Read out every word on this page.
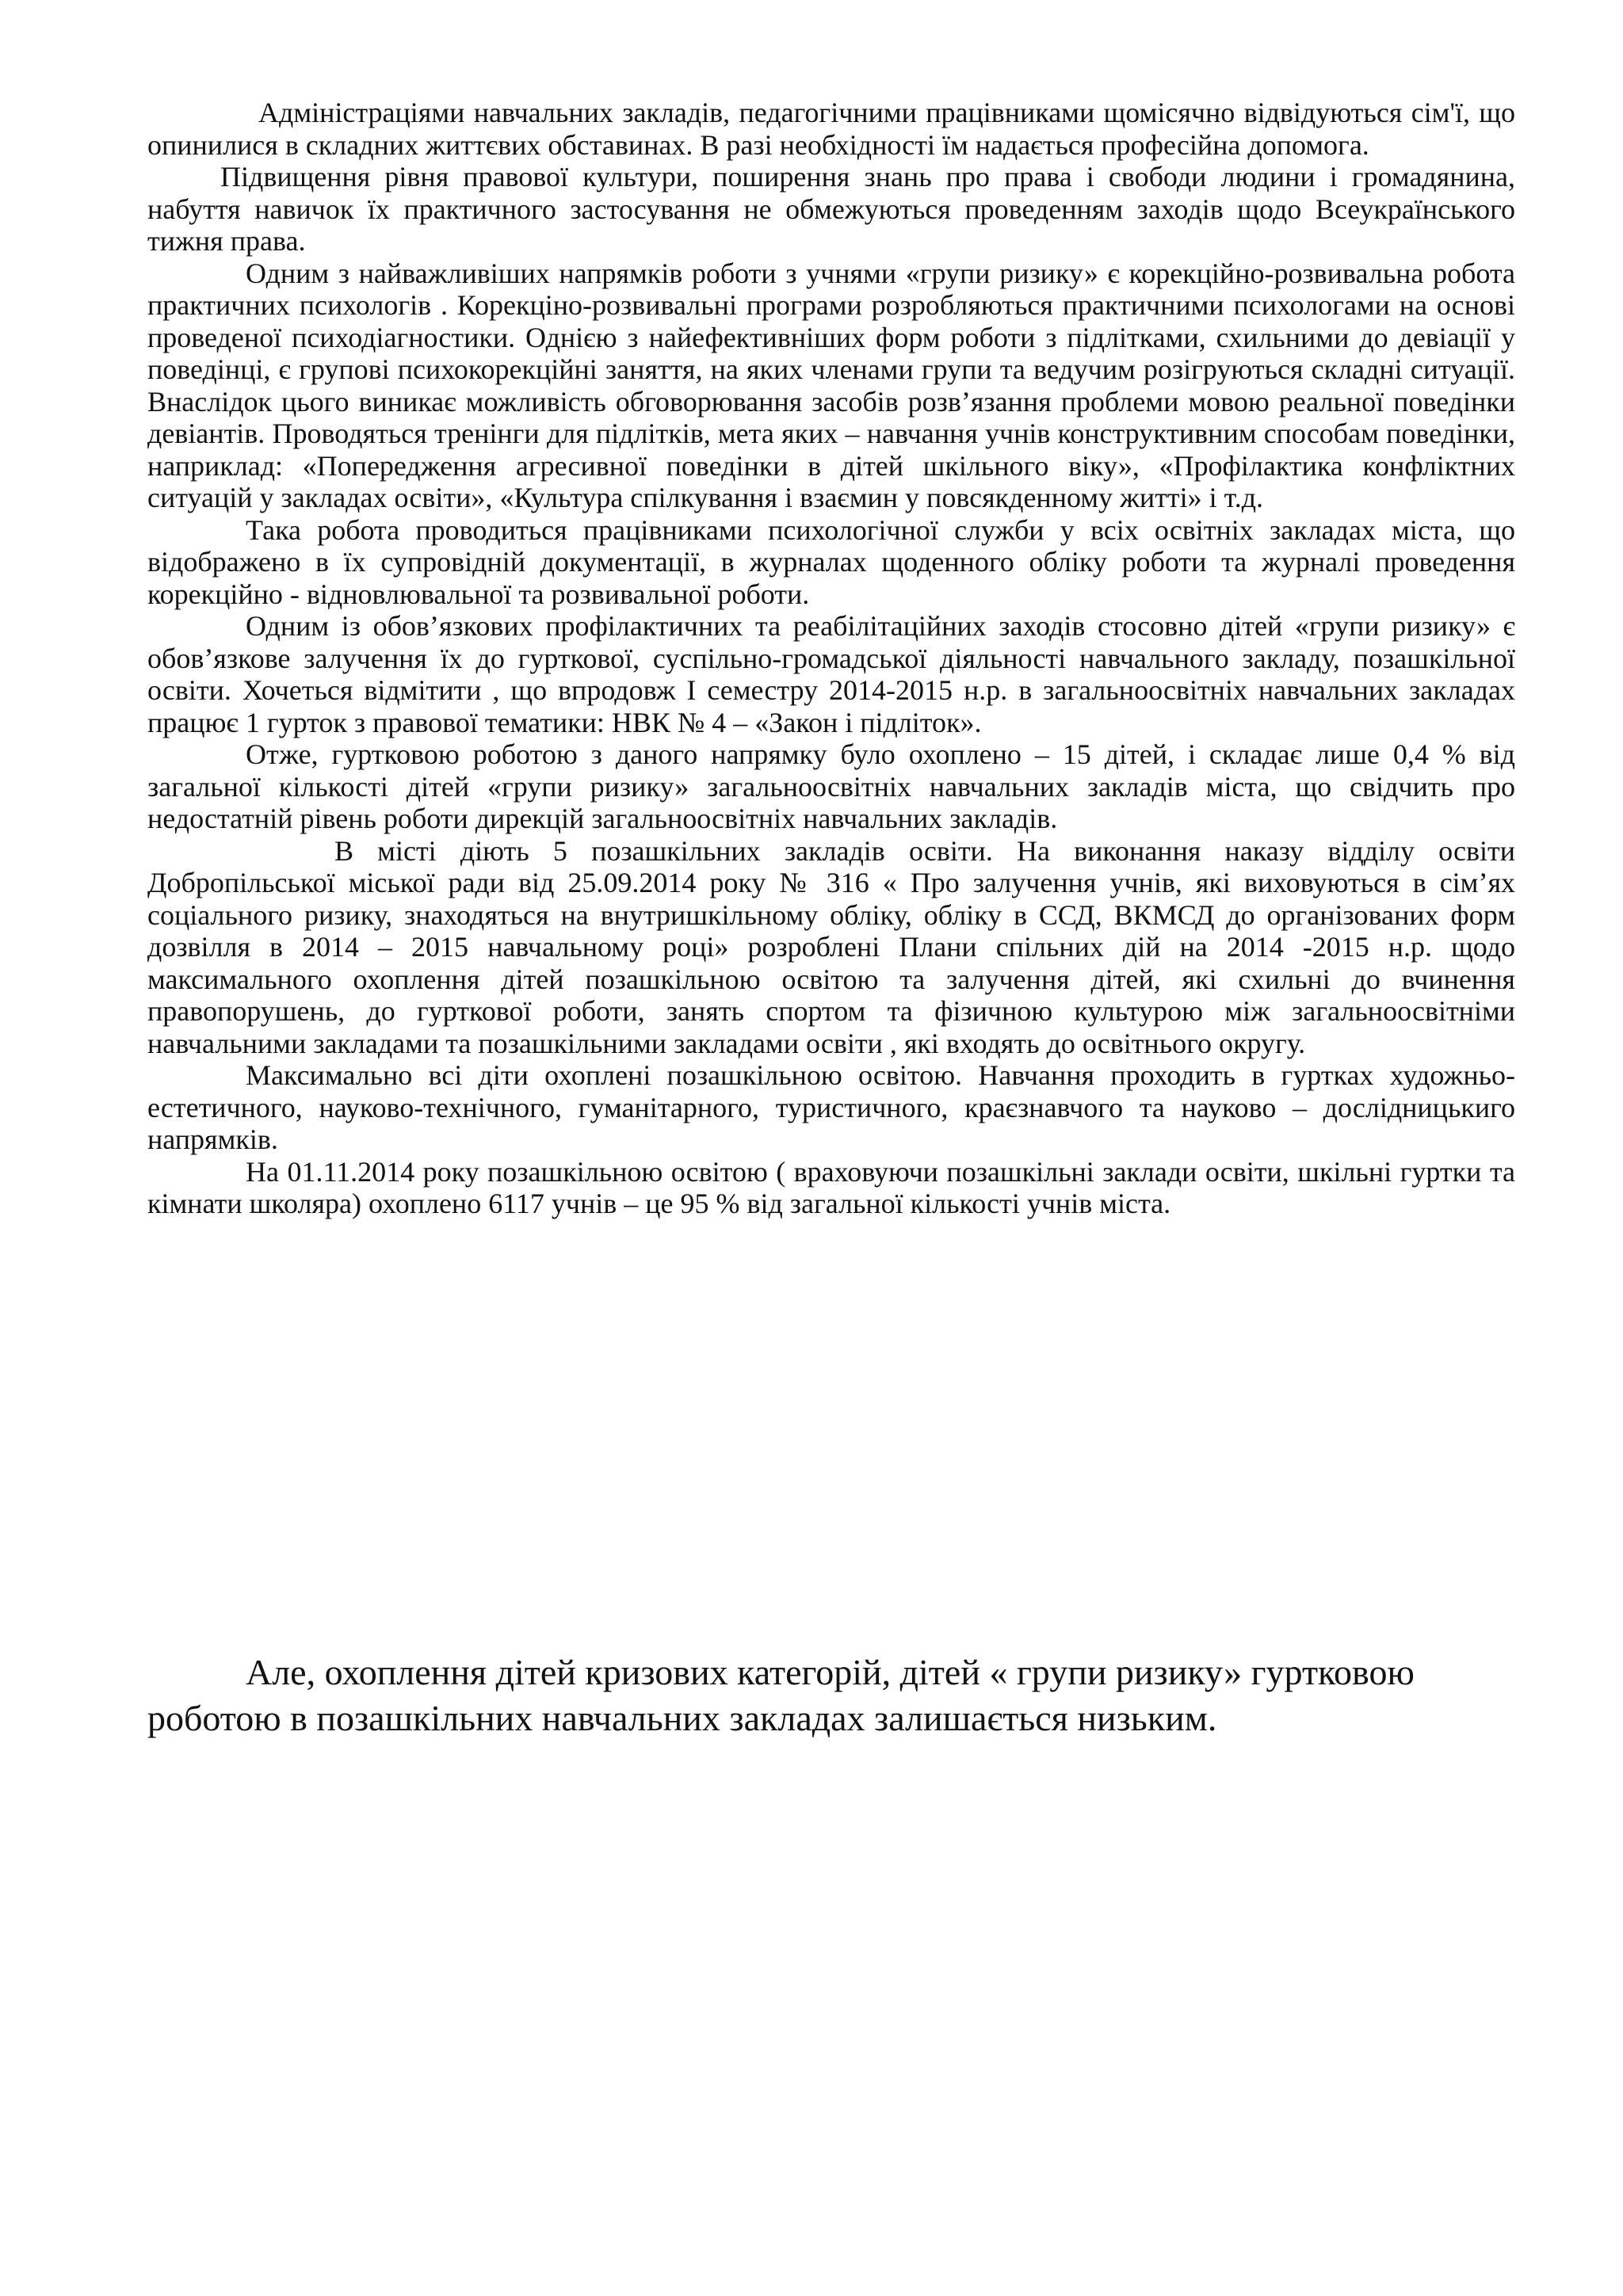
Адміністраціями навчальних закладів, педагогічними працівниками щомісячно відвідуються сім'ї, що опинилися в складних життєвих обставинах. В разі необхідності їм надається професійна допомога.

Підвищення рівня правової культури, поширення знань про права і свободи людини і громадянина, набуття навичок їх практичного застосування не обмежуються проведенням заходів щодо Всеукраїнського тижня права.

Одним з найважливіших напрямків роботи з учнями «групи ризику» є корекційно-розвивальна робота практичних психологів . Корекціно-розвивальні програми розробляються практичними психологами на основі проведеної психодіагностики. Однією з найефективніших форм роботи з підлітками, схильними до девіації у поведінці, є групові психокорекційні заняття, на яких членами групи та ведучим розігруються складні ситуації. Внаслідок цього виникає можливість обговорювання засобів розв’язання проблеми мовою реальної поведінки девіантів. Проводяться тренінги для підлітків, мета яких – навчання учнів конструктивним способам поведінки, наприклад: «Попередження агресивної поведінки в дітей шкільного віку», «Профілактика конфліктних ситуацій у закладах освіти», «Культура спілкування і взаємин у повсякденному житті» і т.д.

Така робота проводиться працівниками психологічної служби у всіх освітніх закладах міста, що відображено в їх супровідній документації, в журналах щоденного обліку роботи та журналі проведення корекційно - відновлювальної та розвивальної роботи.

Одним із обов’язкових профілактичних та реабілітаційних заходів стосовно дітей «групи ризику» є обов’язкове залучення їх до гурткової, суспільно-громадської діяльності навчального закладу, позашкільної освіти. Хочеться відмітити , що впродовж I семестру 2014-2015 н.р. в загальноосвітніх навчальних закладах працює 1 гурток з правової тематики: НВК № 4 – «Закон і підліток».

Отже, гуртковою роботою з даного напрямку було охоплено – 15 дітей, і складає лише 0,4 % від загальної кількості дітей «групи ризику» загальноосвітніх навчальних закладів міста, що свідчить про недостатній рівень роботи дирекцій загальноосвітніх навчальних закладів.

В місті діють 5 позашкільних закладів освіти. На виконання наказу відділу освіти Добропільської міської ради від 25.09.2014 року № 316 « Про залучення учнів, які виховуються в сім’ях соціального ризику, знаходяться на внутришкільному обліку, обліку в ССД, ВКМСД до організованих форм дозвілля в 2014 – 2015 навчальному році» розроблені Плани спільних дій на 2014 -2015 н.р. щодо максимального охоплення дітей позашкільною освітою та залучення дітей, які схильні до вчинення правопорушень, до гурткової роботи, занять спортом та фізичною культурою між загальноосвітніми навчальними закладами та позашкільними закладами освіти , які входять до освітнього округу.

Максимально всі діти охоплені позашкільною освітою. Навчання проходить в гуртках художньо-естетичного, науково-технічного, гуманітарного, туристичного, краєзнавчого та науково – дослідницькиго напрямків.

На 01.11.2014 року позашкільною освітою ( враховуючи позашкільні заклади освіти, шкільні гуртки та кімнати школяра) охоплено 6117 учнів – це 95 % від загальної кількості учнів міста.

Але, охоплення дітей кризових категорій, дітей « групи ризику» гуртковою роботою в позашкільних навчальних закладах залишається низьким.
